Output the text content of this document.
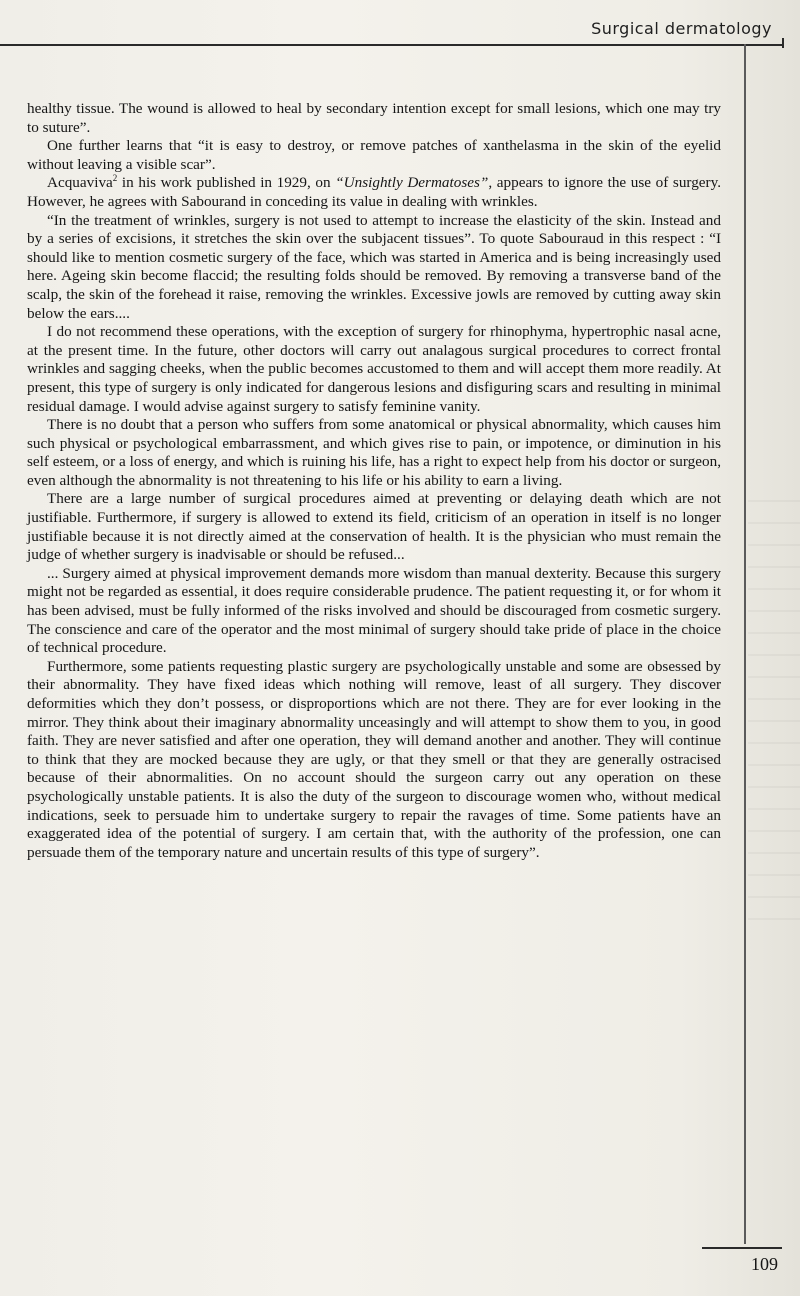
Surgical dermatology

healthy tissue. The wound is allowed to heal by secondary intention except for small lesions, which one may try to suture”.

One further learns that “it is easy to destroy, or remove patches of xanthelasma in the skin of the eyelid without leaving a visible scar”.

Acquaviva$^2$ in his work published in 1929, on “Unsightly Dermatoses”, appears to ignore the use of surgery. However, he agrees with Sabourand in conceding its value in dealing with wrinkles.

“In the treatment of wrinkles, surgery is not used to attempt to increase the elasticity of the skin. Instead and by a series of excisions, it stretches the skin over the subjacent tissues”. To quote Sabouraud in this respect : “I should like to mention cosmetic surgery of the face, which was started in America and is being increasingly used here. Ageing skin become flaccid; the resulting folds should be removed. By removing a transverse band of the scalp, the skin of the forehead it raise, removing the wrinkles. Excessive jowls are removed by cutting away skin below the ears....

I do not recommend these operations, with the exception of surgery for rhinophyma, hypertrophic nasal acne, at the present time. In the future, other doctors will carry out analagous surgical procedures to correct frontal wrinkles and sagging cheeks, when the public becomes accustomed to them and will accept them more readily. At present, this type of surgery is only indicated for dangerous lesions and disfiguring scars and resulting in minimal residual damage. I would advise against surgery to satisfy feminine vanity.

There is no doubt that a person who suffers from some anatomical or physical abnormality, which causes him such physical or psychological embarrassment, and which gives rise to pain, or impotence, or diminution in his self esteem, or a loss of energy, and which is ruining his life, has a right to expect help from his doctor or surgeon, even although the abnormality is not threatening to his life or his ability to earn a living.

There are a large number of surgical procedures aimed at preventing or delaying death which are not justifiable. Furthermore, if surgery is allowed to extend its field, criticism of an operation in itself is no longer justifiable because it is not directly aimed at the conservation of health. It is the physician who must remain the judge of whether surgery is inadvisable or should be refused...

... Surgery aimed at physical improvement demands more wisdom than manual dexterity. Because this surgery might not be regarded as essential, it does require considerable prudence. The patient requesting it, or for whom it has been advised, must be fully informed of the risks involved and should be discouraged from cosmetic surgery. The conscience and care of the operator and the most minimal of surgery should take pride of place in the choice of technical procedure.

Furthermore, some patients requesting plastic surgery are psychologically unstable and some are obsessed by their abnormality. They have fixed ideas which nothing will remove, least of all surgery. They discover deformities which they don’t possess, or disproportions which are not there. They are for ever looking in the mirror. They think about their imaginary abnormality unceasingly and will attempt to show them to you, in good faith. They are never satisfied and after one operation, they will demand another and another. They will continue to think that they are mocked because they are ugly, or that they smell or that they are generally ostracised because of their abnormalities. On no account should the surgeon carry out any operation on these psychologically unstable patients. It is also the duty of the surgeon to discourage women who, without medical indications, seek to persuade him to undertake surgery to repair the ravages of time. Some patients have an exaggerated idea of the potential of surgery. I am certain that, with the authority of the profession, one can persuade them of the temporary nature and uncertain results of this type of surgery”.

109
